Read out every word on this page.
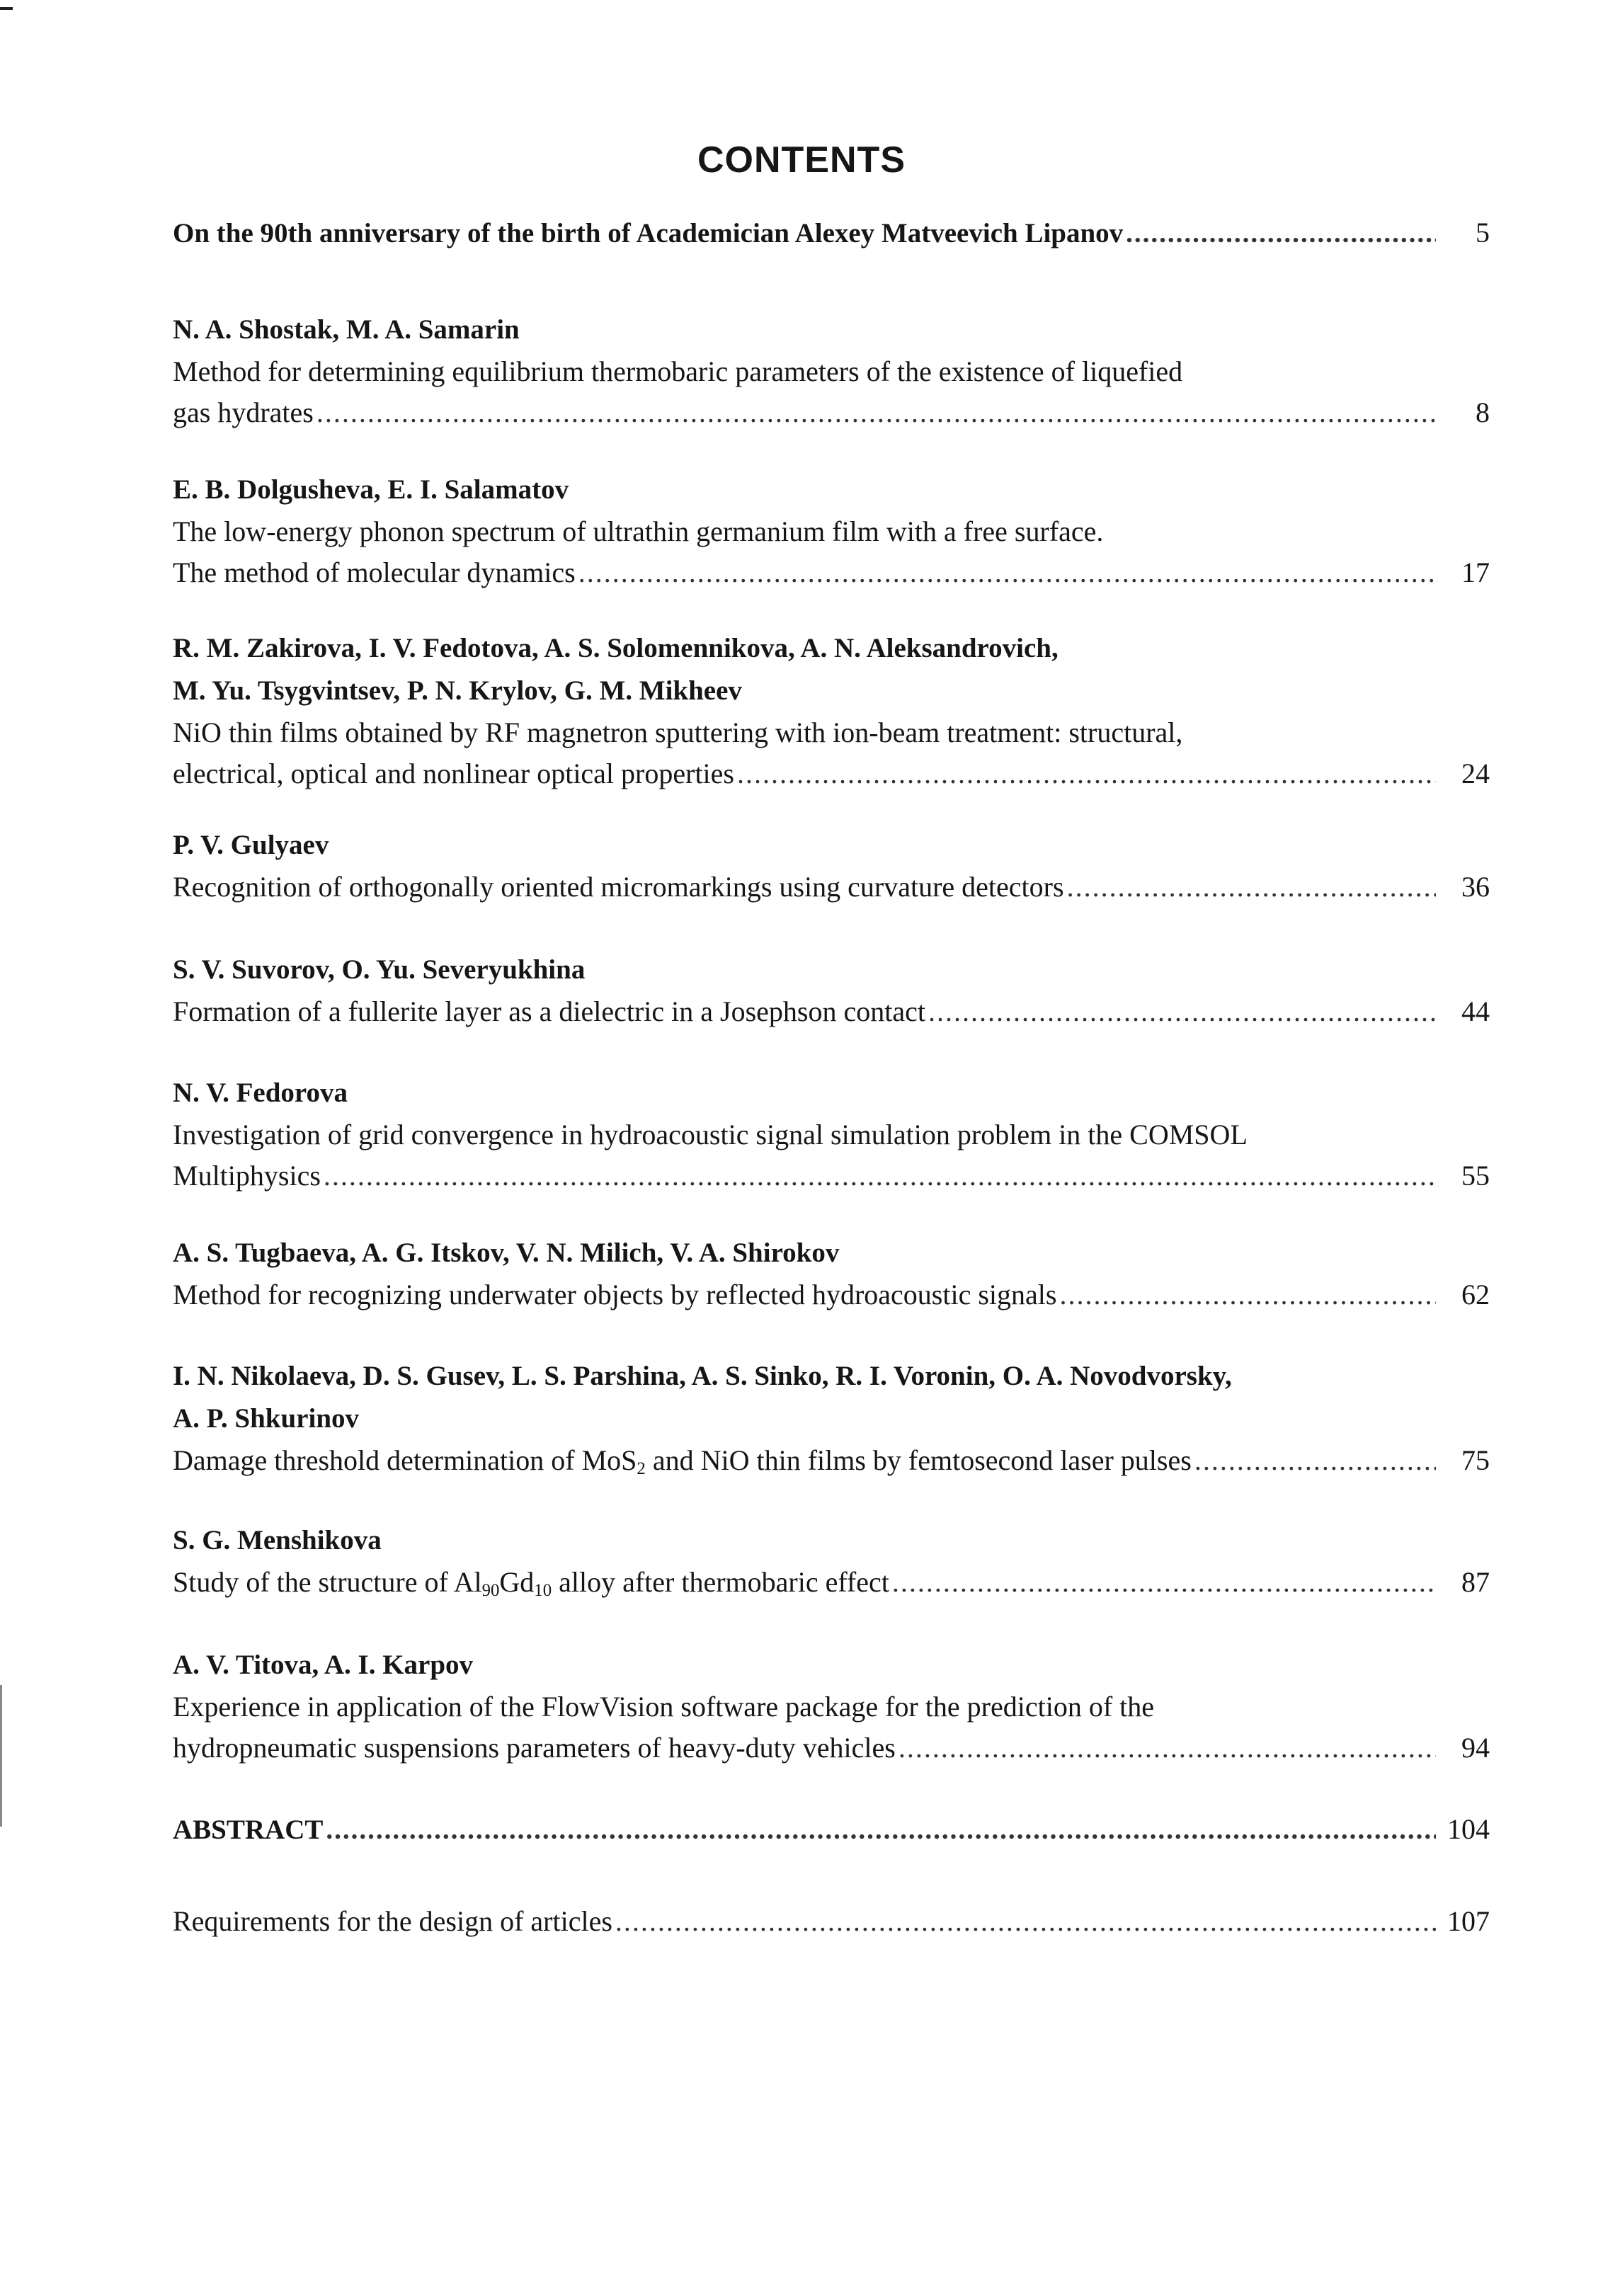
CONTENTS
On the 90th anniversary of the birth of Academician Alexey Matveevich Lipanov .....	5
N. A. Shostak, M. A. Samarin
Method for determining equilibrium thermobaric parameters of the existence of liquefied
gas hydrates .....	8
E. B. Dolgusheva, E. I. Salamatov
The low-energy phonon spectrum of ultrathin germanium film with a free surface.
The method of molecular dynamics .....	17
R. M. Zakirova, I. V. Fedotova, A. S. Solomennikova, A. N. Aleksandrovich,
M. Yu. Tsygvintsev, P. N. Krylov, G. M. Mikheev
NiO thin films obtained by RF magnetron sputtering with ion-beam treatment: structural,
electrical, optical and nonlinear optical properties .....	24
P. V. Gulyaev
Recognition of orthogonally oriented micromarkings using curvature detectors .....	36
S. V. Suvorov, O. Yu. Severyukhina
Formation of a fullerite layer as a dielectric in a Josephson contact .....	44
N. V. Fedorova
Investigation of grid convergence in hydroacoustic signal simulation problem in the COMSOL
Multiphysics .....	55
A. S. Tugbaeva, A. G. Itskov, V. N. Milich, V. A. Shirokov
Method for recognizing underwater objects by reflected hydroacoustic signals .....	62
I. N. Nikolaeva, D. S. Gusev, L. S. Parshina, A. S. Sinko, R. I. Voronin, O. A. Novodvorsky,
A. P. Shkurinov
Damage threshold determination of MoS$_2$ and NiO thin films by femtosecond laser pulses .....	75
S. G. Menshikova
Study of the structure of $Al_{90}Gd_{10}$ alloy after thermobaric effect .....	87
A. V. Titova, A. I. Karpov
Experience in application of the FlowVision software package for the prediction of the
hydropneumatic suspensions parameters of heavy-duty vehicles .....	94
ABSTRACT .....	104
Requirements for the design of articles .....	107
